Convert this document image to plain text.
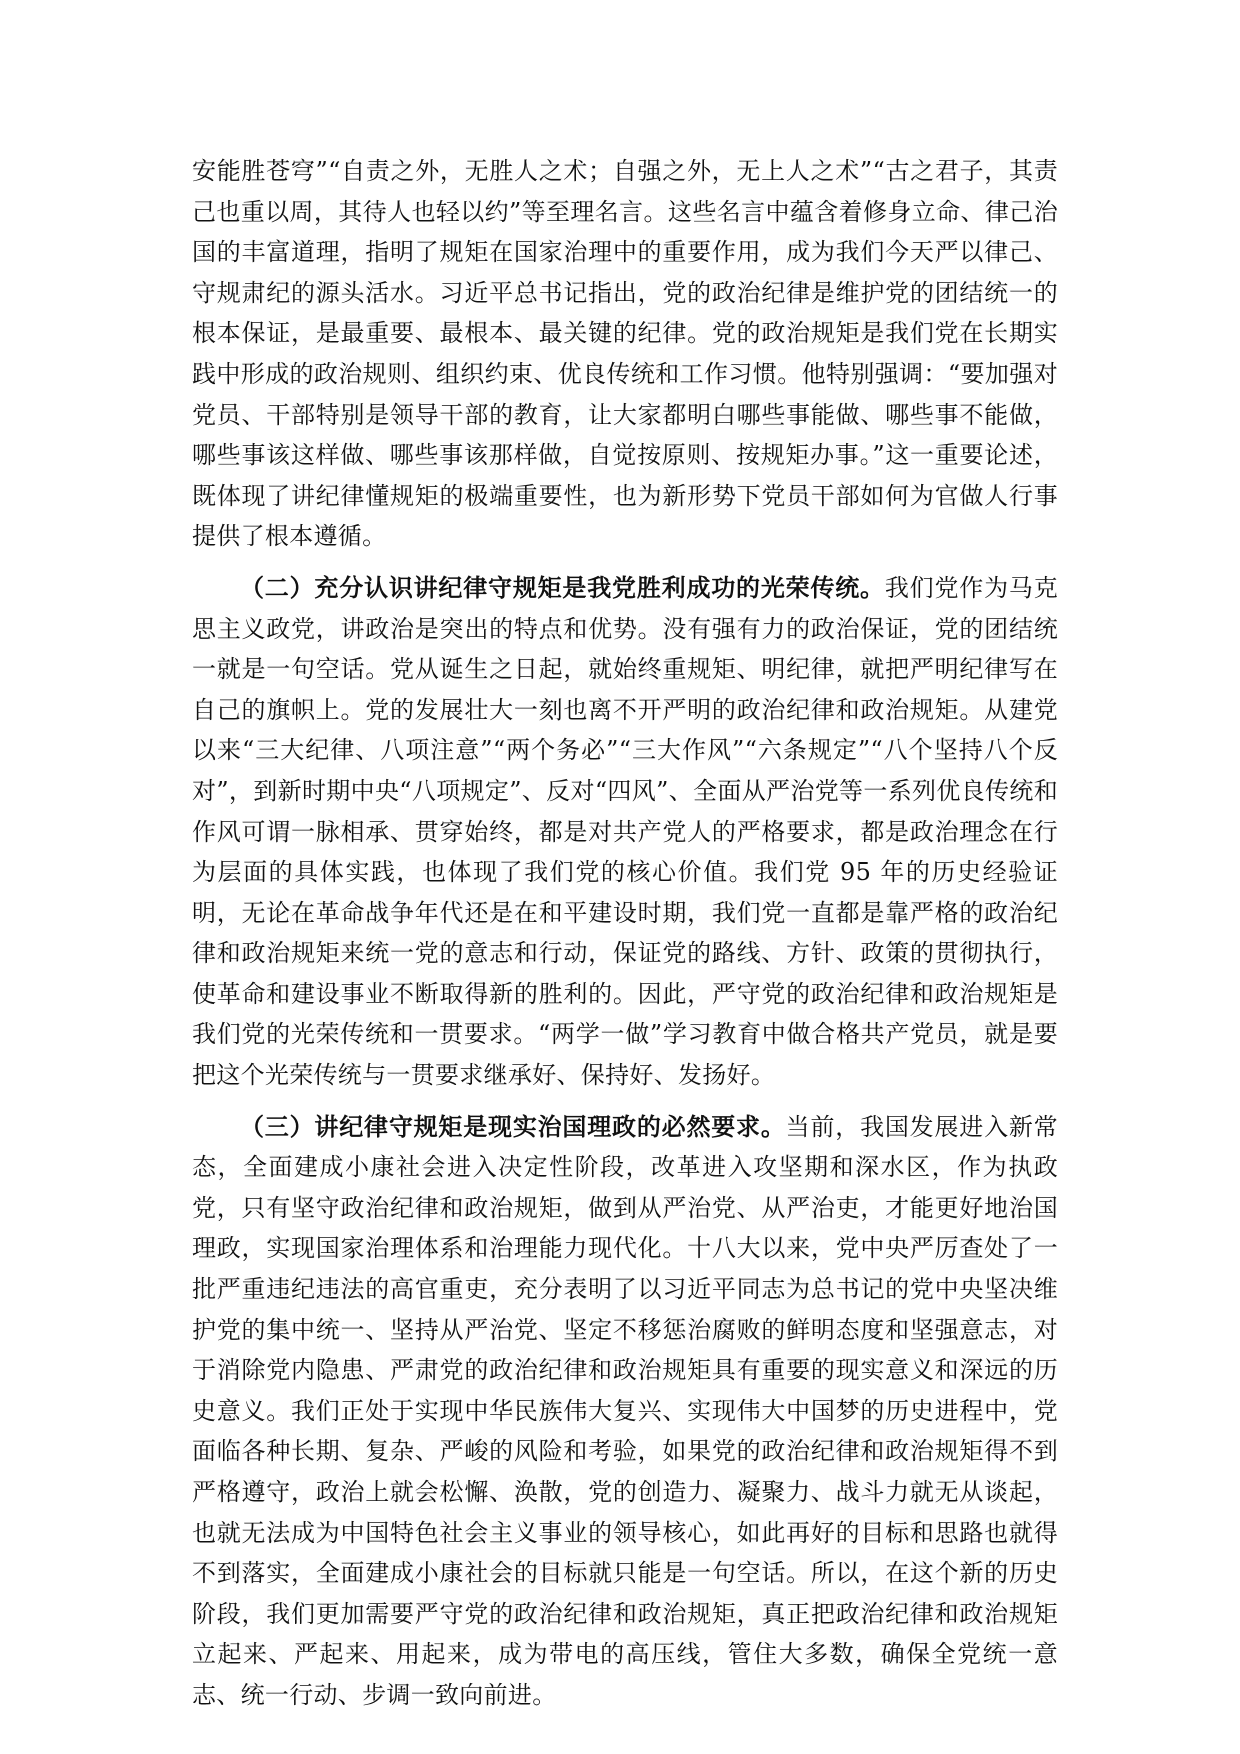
安能胜苍穹”“自责之外，无胜人之术；自强之外，无上人之术”“古之君子，其责己也重以周，其待人也轻以约”等至理名言。这些名言中蕴含着修身立命、律己治国的丰富道理，指明了规矩在国家治理中的重要作用，成为我们今天严以律己、守规肃纪的源头活水。习近平总书记指出，党的政治纪律是维护党的团结统一的根本保证，是最重要、最根本、最关键的纪律。党的政治规矩是我们党在长期实践中形成的政治规则、组织约束、优良传统和工作习惯。他特别强调：“要加强对党员、干部特别是领导干部的教育，让大家都明白哪些事能做、哪些事不能做，哪些事该这样做、哪些事该那样做，自觉按原则、按规矩办事。”这一重要论述，既体现了讲纪律懂规矩的极端重要性，也为新形势下党员干部如何为官做人行事提供了根本遵循。

（二）充分认识讲纪律守规矩是我党胜利成功的光荣传统。我们党作为马克思主义政党，讲政治是突出的特点和优势。没有强有力的政治保证，党的团结统一就是一句空话。党从诞生之日起，就始终重规矩、明纪律，就把严明纪律写在自己的旗帜上。党的发展壮大一刻也离不开严明的政治纪律和政治规矩。从建党以来“三大纪律、八项注意”“两个务必”“三大作风”“六条规定”“八个坚持八个反对”，到新时期中央“八项规定”、反对“四风”、全面从严治党等一系列优良传统和作风可谓一脉相承、贯穿始终，都是对共产党人的严格要求，都是政治理念在行为层面的具体实践，也体现了我们党的核心价值。我们党 95 年的历史经验证明，无论在革命战争年代还是在和平建设时期，我们党一直都是靠严格的政治纪律和政治规矩来统一党的意志和行动，保证党的路线、方针、政策的贯彻执行，使革命和建设事业不断取得新的胜利的。因此，严守党的政治纪律和政治规矩是我们党的光荣传统和一贯要求。“两学一做”学习教育中做合格共产党员，就是要把这个光荣传统与一贯要求继承好、保持好、发扬好。

（三）讲纪律守规矩是现实治国理政的必然要求。当前，我国发展进入新常态，全面建成小康社会进入决定性阶段，改革进入攻坚期和深水区，作为执政党，只有坚守政治纪律和政治规矩，做到从严治党、从严治吏，才能更好地治国理政，实现国家治理体系和治理能力现代化。十八大以来，党中央严厉查处了一批严重违纪违法的高官重吏，充分表明了以习近平同志为总书记的党中央坚决维护党的集中统一、坚持从严治党、坚定不移惩治腐败的鲜明态度和坚强意志，对于消除党内隐患、严肃党的政治纪律和政治规矩具有重要的现实意义和深远的历史意义。我们正处于实现中华民族伟大复兴、实现伟大中国梦的历史进程中，党面临各种长期、复杂、严峻的风险和考验，如果党的政治纪律和政治规矩得不到严格遵守，政治上就会松懈、涣散，党的创造力、凝聚力、战斗力就无从谈起，也就无法成为中国特色社会主义事业的领导核心，如此再好的目标和思路也就得不到落实，全面建成小康社会的目标就只能是一句空话。所以，在这个新的历史阶段，我们更加需要严守党的政治纪律和政治规矩，真正把政治纪律和政治规矩立起来、严起来、用起来，成为带电的高压线，管住大多数，确保全党统一意志、统一行动、步调一致向前进。
